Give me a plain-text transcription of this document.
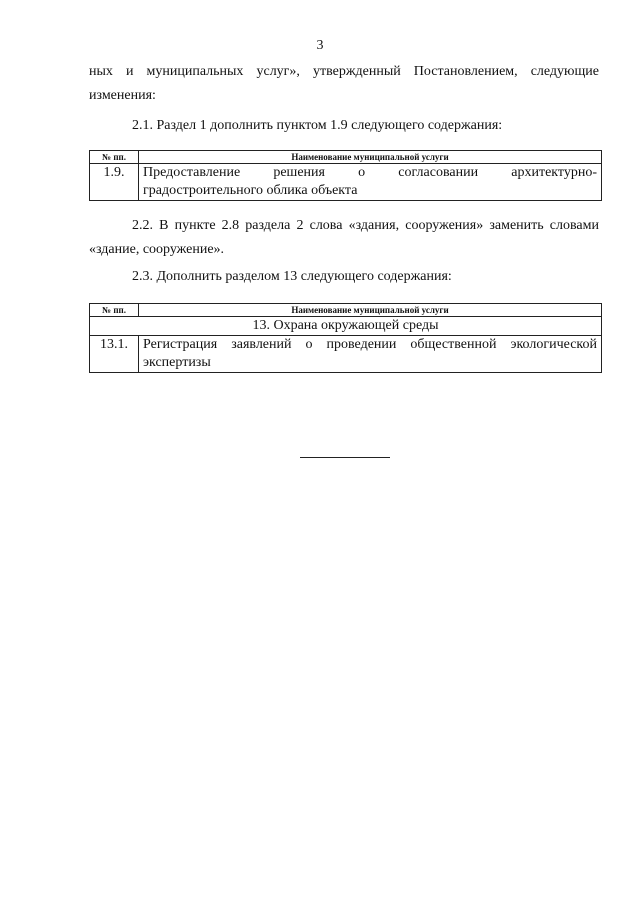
3
ных и муниципальных услуг», утвержденный Постановлением, следующие изменения:
2.1. Раздел 1 дополнить пунктом 1.9 следующего содержания:
№ пп.	Наименование муниципальной услуги
1.9.	Предоставление решения о согласовании архитектурно-градостроительного облика объекта
2.2. В пункте 2.8 раздела 2 слова «здания, сооружения» заменить словами «здание, сооружение».
2.3. Дополнить разделом 13 следующего содержания:
№ пп.	Наименование муниципальной услуги
13. Охрана окружающей среды	
13.1.	Регистрация заявлений о проведении общественной экологической экспертизы
